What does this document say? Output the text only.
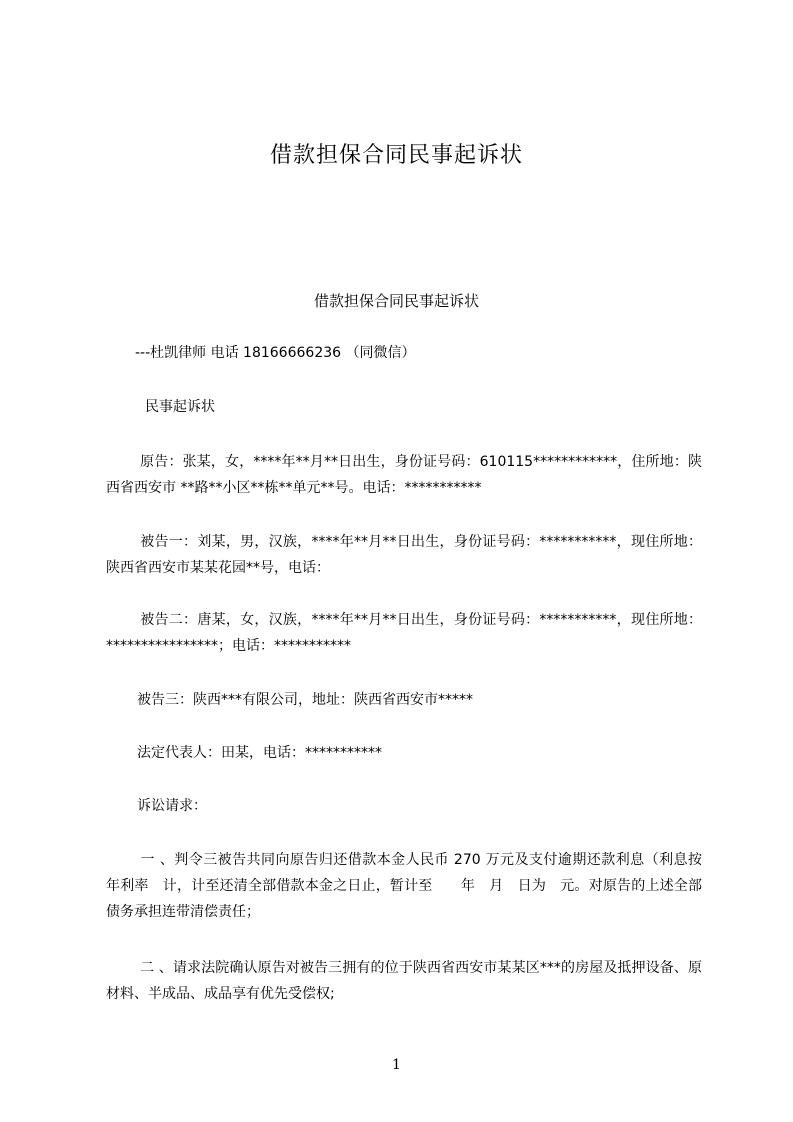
借款担保合同民事起诉状
借款担保合同民事起诉状
---杜凯律师 电话 18166666236 （同微信）
民事起诉状
原告：张某，女，****年**月**日出生，身份证号码：610115************，住所地：陕西省西安市 **路**小区**栋**单元**号。电话：***********
被告一：刘某，男，汉族，****年**月**日出生，身份证号码：***********，现住所地：陕西省西安市某某花园**号，电话：
被告二：唐某，女，汉族，****年**月**日出生，身份证号码：***********，现住所地：****************；电话：***********
被告三：陕西***有限公司，地址：陕西省西安市*****
法定代表人：田某，电话：***********
诉讼请求：
一 、判令三被告共同向原告归还借款本金人民币 270 万元及支付逾期还款利息（利息按　年利率　计，计至还清全部借款本金之日止，暂计至　　年　月　日为　元。对原告的上述全部债务承担连带清偿责任；
二 、请求法院确认原告对被告三拥有的位于陕西省西安市某某区***的房屋及抵押设备、原材料、半成品、成品享有优先受偿权;
1
